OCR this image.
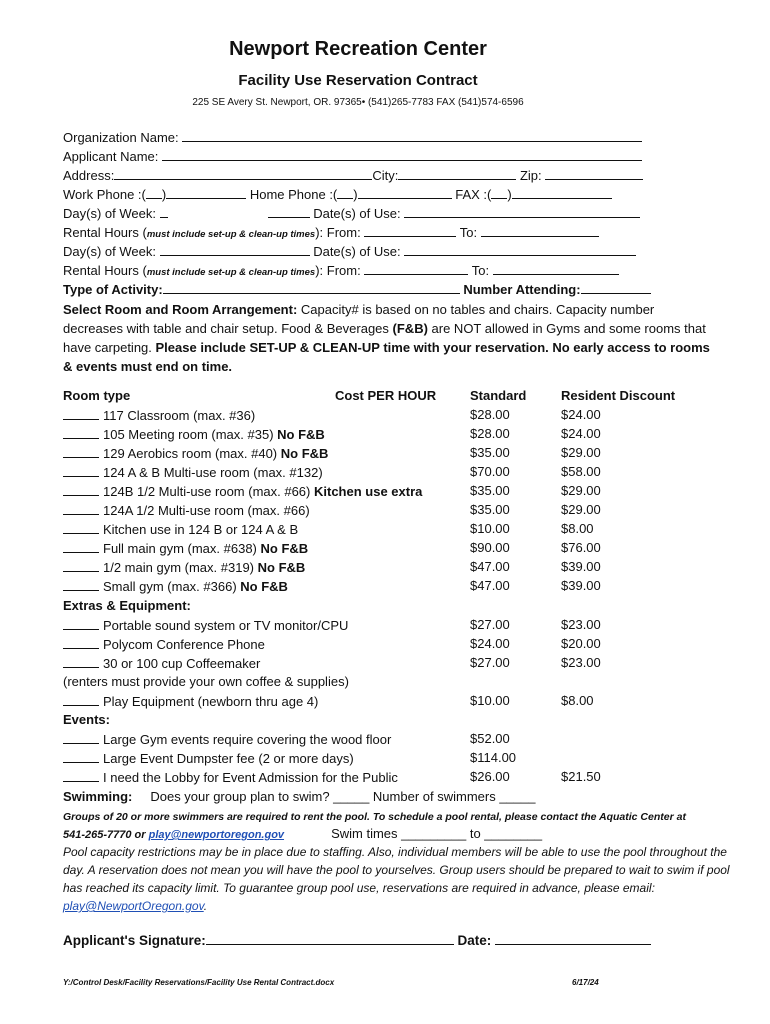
Newport Recreation Center
Facility Use Reservation Contract
225 SE Avery St. Newport, OR. 97365• (541)265-7783 FAX (541)574-6596
Organization Name:
Applicant Name:
Address:	City:	Zip:
Work Phone :( )	Home Phone :( )	FAX :( )
Day(s) of Week:	Date(s) of Use:
Rental Hours (must include set-up & clean-up times): From:	To:
Day(s) of Week:	Date(s) of Use:
Rental Hours (must include set-up & clean-up times): From:	To:
Type of Activity:	Number Attending:
Select Room and Room Arrangement: Capacity# is based on no tables and chairs. Capacity number decreases with table and chair setup. Food & Beverages (F&B) are NOT allowed in Gyms and some rooms that have carpeting. Please include SET-UP & CLEAN-UP time with your reservation. No early access to rooms & events must end on time.
Room type	Cost PER HOUR	Standard	Resident Discount
117 Classroom (max. #36)	$28.00	$24.00
105 Meeting room (max. #35) No F&B	$28.00	$24.00
129 Aerobics room (max. #40) No F&B	$35.00	$29.00
124 A & B Multi-use room (max. #132)	$70.00	$58.00
124B 1/2 Multi-use room (max. #66) Kitchen use extra	$35.00	$29.00
124A 1/2 Multi-use room (max. #66)	$35.00	$29.00
Kitchen use in 124 B or 124 A & B	$10.00	$8.00
Full main gym (max. #638) No F&B	$90.00	$76.00
1/2 main gym (max. #319) No F&B	$47.00	$39.00
Small gym (max. #366) No F&B	$47.00	$39.00
Extras & Equipment:
Portable sound system or TV monitor/CPU	$27.00	$23.00
Polycom Conference Phone	$24.00	$20.00
30 or 100 cup Coffeemaker	$27.00	$23.00
(renters must provide your own coffee & supplies)
Play Equipment (newborn thru age 4)	$10.00	$8.00
Events:
Large Gym events require covering the wood floor	$52.00
Large Event Dumpster fee (2 or more days)	$114.00
I need the Lobby for Event Admission for the Public	$26.00	$21.50
Swimming: Does your group plan to swim? _____ Number of swimmers _____
Groups of 20 or more swimmers are required to rent the pool. To schedule a pool rental, please contact the Aquatic Center at
541-265-7770 or play@newportoregon.gov	Swim times _________ to ________
Pool capacity restrictions may be in place due to staffing. Also, individual members will be able to use the pool throughout the day. A reservation does not mean you will have the pool to yourselves. Group users should be prepared to wait to swim if pool has reached its capacity limit. To guarantee group pool use, reservations are required in advance, please email: play@NewportOregon.gov.
Applicant's Signature:	Date:
Y:/Control Desk/Facility Reservations/Facility Use Rental Contract.docx	6/17/24
